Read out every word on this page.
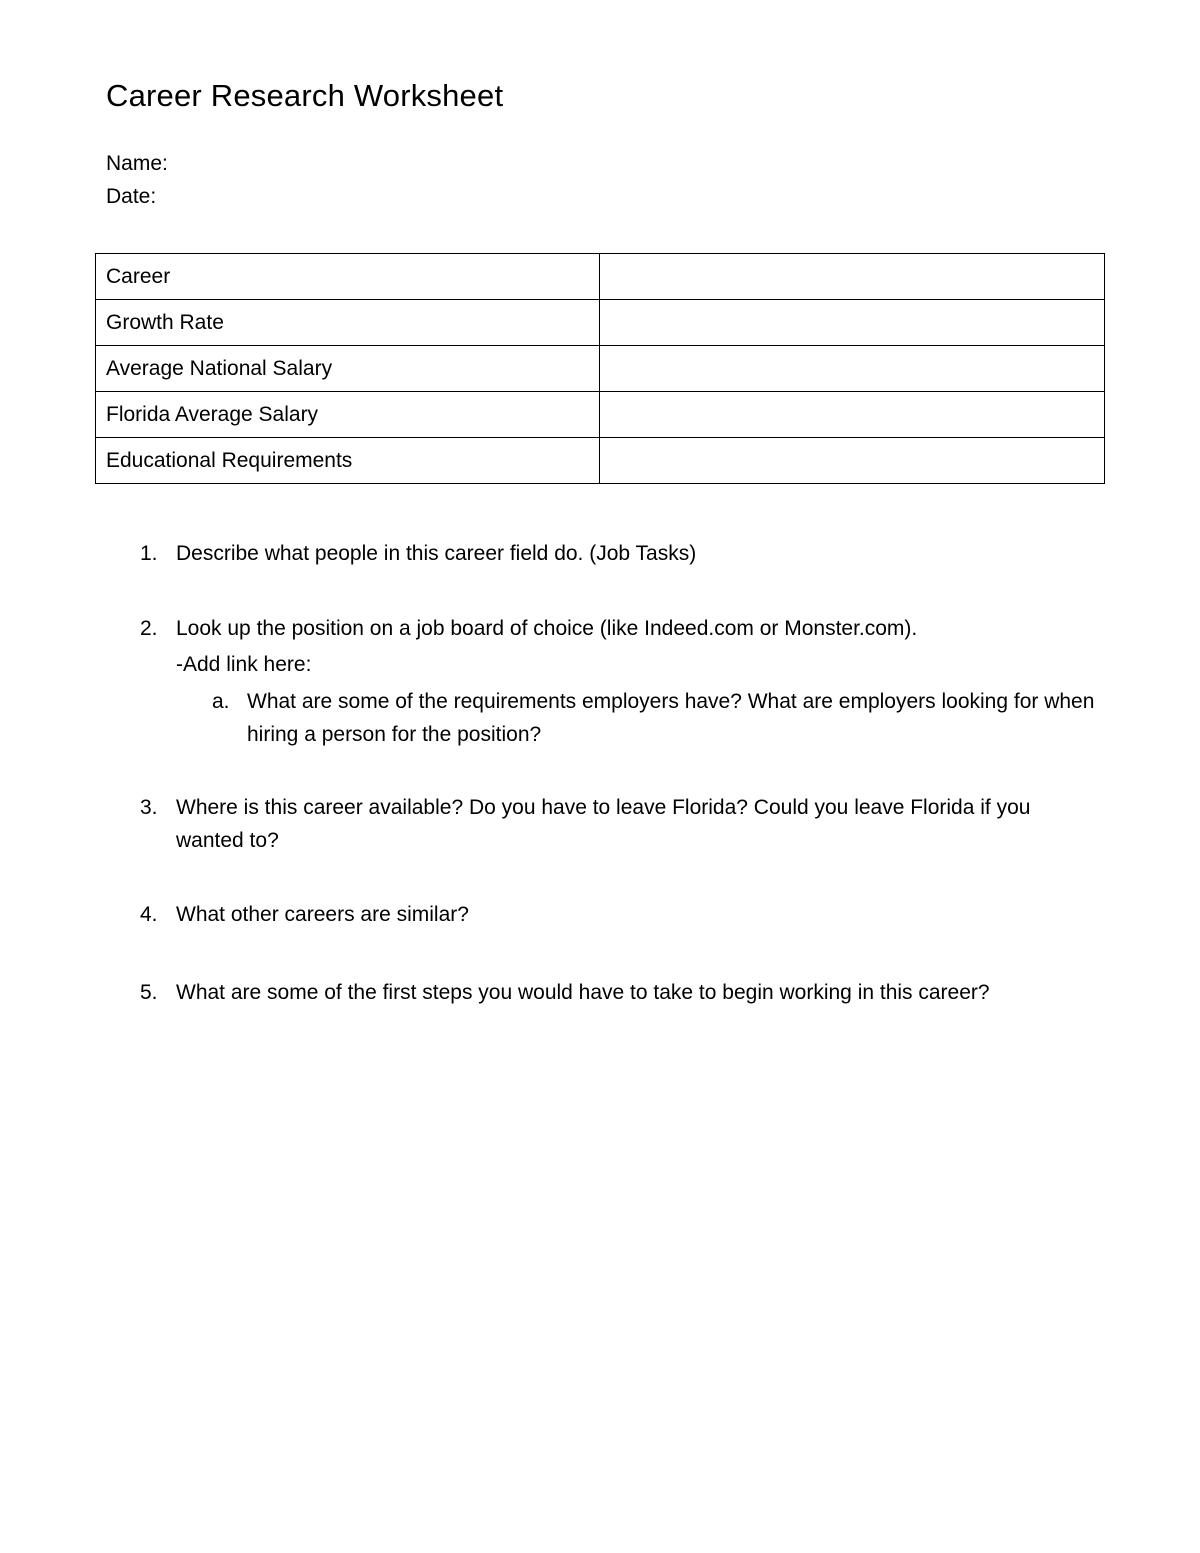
Career Research Worksheet
Name:
Date:
Career	
Growth Rate	
Average National Salary	
Florida Average Salary	
Educational Requirements	
1. Describe what people in this career field do. (Job Tasks)
2. Look up the position on a job board of choice (like Indeed.com or Monster.com).
-Add link here:
a. What are some of the requirements employers have? What are employers looking for when hiring a person for the position?
3. Where is this career available? Do you have to leave Florida? Could you leave Florida if you wanted to?
4. What other careers are similar?
5. What are some of the first steps you would have to take to begin working in this career?
